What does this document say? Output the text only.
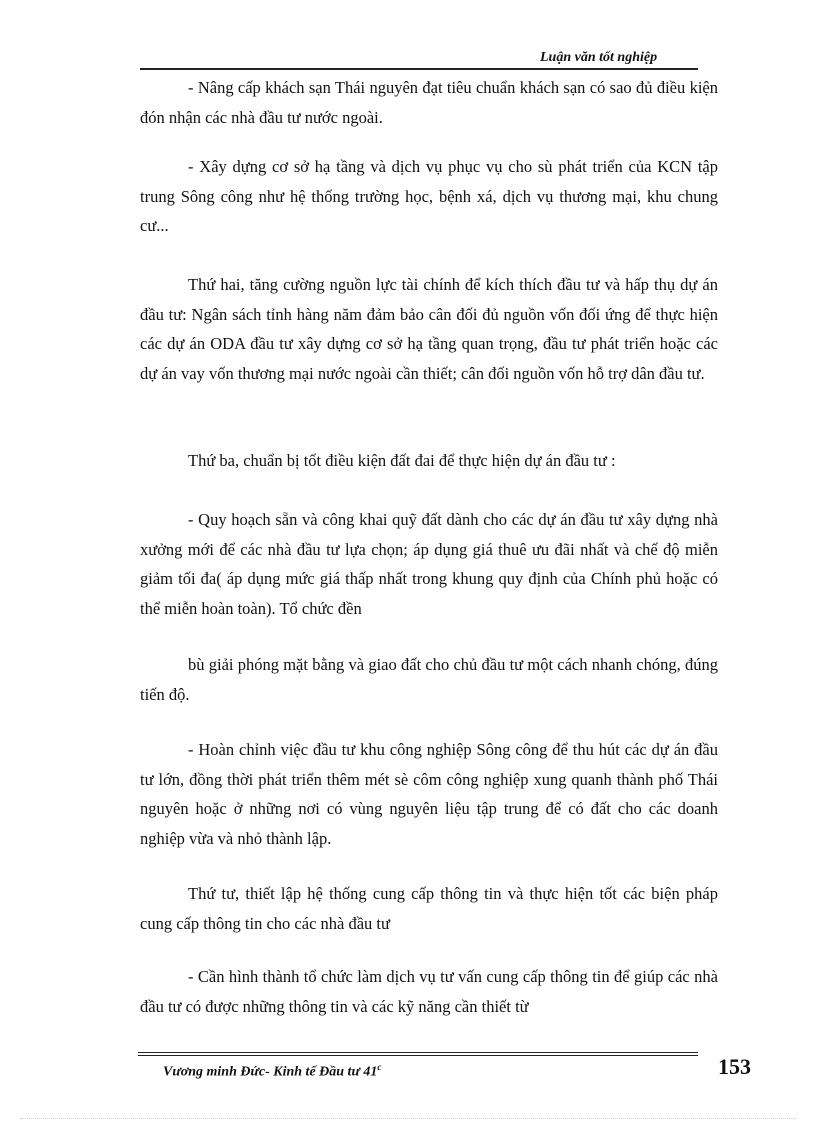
Luận văn tốt nghiệp

- Nâng cấp khách sạn Thái nguyên đạt tiêu chuẩn khách sạn có sao đủ điều kiện đón nhận các nhà đầu tư nước ngoài.

- Xây dựng cơ sở hạ tầng và dịch vụ phục vụ cho sù phát triển của KCN tập trung Sông công như hệ thống trường học, bệnh xá, dịch vụ thương mại, khu chung cư...

Thứ hai, tăng cường nguồn lực tài chính để kích thích đầu tư và hấp thụ dự án đầu tư: Ngân sách tỉnh hàng năm đảm bảo cân đối đủ nguồn vốn đối ứng để thực hiện các dự án ODA đầu tư xây dựng cơ sở hạ tầng quan trọng, đầu tư phát triển hoặc các dự án vay vốn thương mại nước ngoài cần thiết; cân đối nguồn vốn hỗ trợ dân đầu tư.

Thứ ba, chuẩn bị tốt điều kiện đất đai để thực hiện dự án đầu tư :

- Quy hoạch sẵn và công khai quỹ đất dành cho các dự án đầu tư xây dựng nhà xưởng mới để các nhà đầu tư lựa chọn; áp dụng giá thuê ưu đãi nhất và chế độ miễn giảm tối đa( áp dụng mức giá thấp nhất trong khung quy định của Chính phủ hoặc có thể miễn hoàn toàn). Tổ chức đền

bù giải phóng mặt bằng và giao đất cho chủ đầu tư một cách nhanh chóng, đúng tiến độ.

- Hoàn chỉnh việc đầu tư khu công nghiệp Sông công để thu hút các dự án đầu tư lớn, đồng thời phát triển thêm mét sè côm công nghiệp xung quanh thành phố Thái nguyên hoặc ở những nơi có vùng nguyên liệu tập trung để có đất cho các doanh nghiệp vừa và nhỏ thành lập.

Thứ tư, thiết lập hệ thống cung cấp thông tin và thực hiện tốt các biện pháp cung cấp thông tin cho các nhà đầu tư

- Cần hình thành tổ chức làm dịch vụ tư vấn cung cấp thông tin để giúp các nhà đầu tư có được những thông tin và các kỹ năng cần thiết từ

Vương minh Đức- Kinh tế Đầu tư 41$^c$	153
